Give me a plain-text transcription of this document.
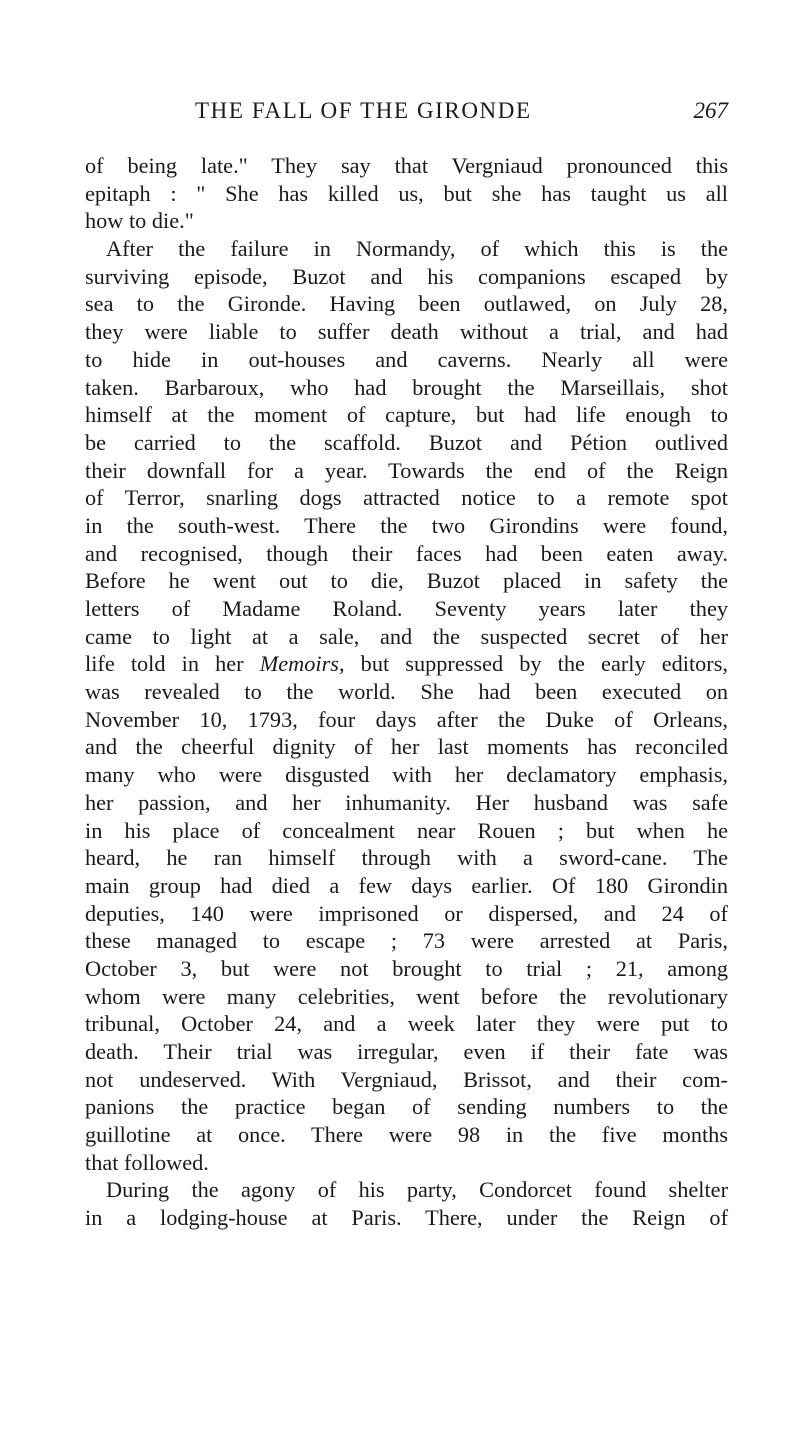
THE FALL OF THE GIRONDE	267
of being late." They say that Vergniaud pronounced this
epitaph : " She has killed us, but she has taught us all
how to die."
After the failure in Normandy, of which this is the
surviving episode, Buzot and his companions escaped by
sea to the Gironde. Having been outlawed, on July 28,
they were liable to suffer death without a trial, and had
to hide in out-houses and caverns. Nearly all were
taken. Barbaroux, who had brought the Marseillais, shot
himself at the moment of capture, but had life enough to
be carried to the scaffold. Buzot and Pétion outlived
their downfall for a year. Towards the end of the Reign
of Terror, snarling dogs attracted notice to a remote spot
in the south-west. There the two Girondins were found,
and recognised, though their faces had been eaten away.
Before he went out to die, Buzot placed in safety the
letters of Madame Roland. Seventy years later they
came to light at a sale, and the suspected secret of her
life told in her Memoirs, but suppressed by the early editors,
was revealed to the world. She had been executed on
November 10, 1793, four days after the Duke of Orleans,
and the cheerful dignity of her last moments has reconciled
many who were disgusted with her declamatory emphasis,
her passion, and her inhumanity. Her husband was safe
in his place of concealment near Rouen ; but when he
heard, he ran himself through with a sword-cane. The
main group had died a few days earlier. Of 180 Girondin
deputies, 140 were imprisoned or dispersed, and 24 of
these managed to escape ; 73 were arrested at Paris,
October 3, but were not brought to trial ; 21, among
whom were many celebrities, went before the revolutionary
tribunal, October 24, and a week later they were put to
death. Their trial was irregular, even if their fate was
not undeserved. With Vergniaud, Brissot, and their com-
panions the practice began of sending numbers to the
guillotine at once. There were 98 in the five months
that followed.
During the agony of his party, Condorcet found shelter
in a lodging-house at Paris. There, under the Reign of
